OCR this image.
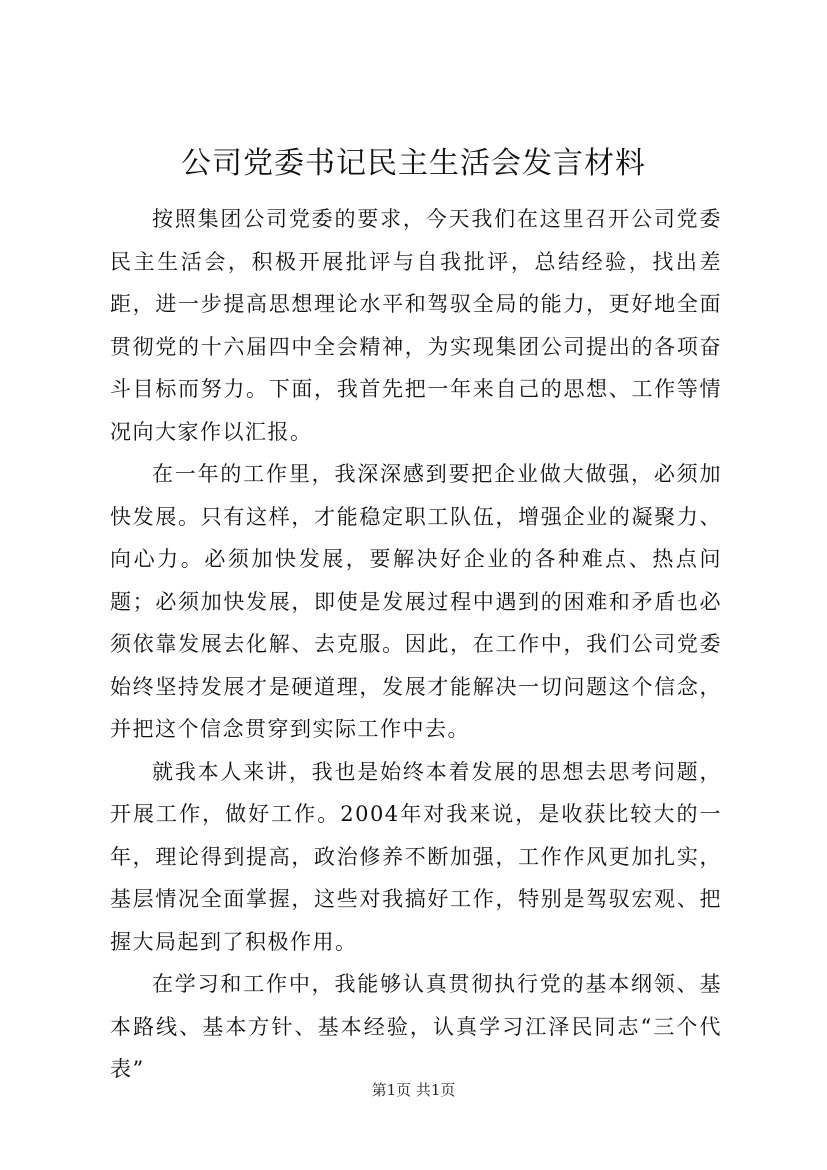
公司党委书记民主生活会发言材料

按照集团公司党委的要求，今天我们在这里召开公司党委民主生活会，积极开展批评与自我批评，总结经验，找出差距，进一步提高思想理论水平和驾驭全局的能力，更好地全面贯彻党的十六届四中全会精神，为实现集团公司提出的各项奋斗目标而努力。下面，我首先把一年来自己的思想、工作等情况向大家作以汇报。

在一年的工作里，我深深感到要把企业做大做强，必须加快发展。只有这样，才能稳定职工队伍，增强企业的凝聚力、向心力。必须加快发展，要解决好企业的各种难点、热点问题；必须加快发展，即使是发展过程中遇到的困难和矛盾也必须依靠发展去化解、去克服。因此，在工作中，我们公司党委始终坚持发展才是硬道理，发展才能解决一切问题这个信念，并把这个信念贯穿到实际工作中去。

就我本人来讲，我也是始终本着发展的思想去思考问题，开展工作，做好工作。2004年对我来说，是收获比较大的一年，理论得到提高，政治修养不断加强，工作作风更加扎实，基层情况全面掌握，这些对我搞好工作，特别是驾驭宏观、把握大局起到了积极作用。

在学习和工作中，我能够认真贯彻执行党的基本纲领、基本路线、基本方针、基本经验，认真学习江泽民同志“三个代表”

第1页 共1页
